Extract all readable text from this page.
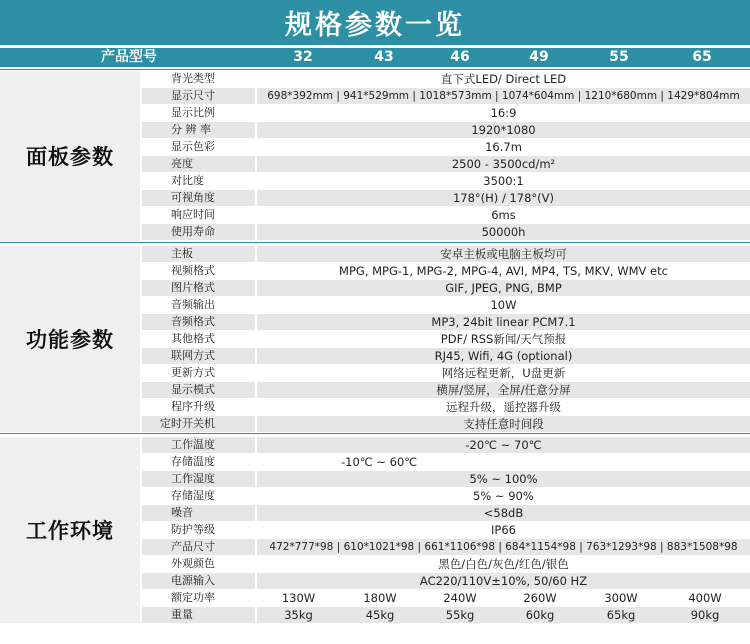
规格参数一览
产品型号	32	43	46	49	55	65
面板参数
背光类型	直下式LED/ Direct LED
显示尺寸	698*392mm | 941*529mm | 1018*573mm | 1074*604mm | 1210*680mm | 1429*804mm
显示比例	16:9
分 辨 率	1920*1080
显示色彩	16.7m
亮度	2500 - 3500cd/m²
对比度	3500:1
可视角度	178°(H) / 178°(V)
响应时间	6ms
使用寿命	50000h
功能参数
主板	安卓主板或电脑主板均可
视频格式	MPG, MPG-1, MPG-2, MPG-4, AVI, MP4, TS, MKV, WMV etc
图片格式	GIF, JPEG, PNG, BMP
音频输出	10W
音频格式	MP3, 24bit linear PCM7.1
其他格式	PDF/ RSS新闻/天气预报
联网方式	RJ45, Wifi, 4G (optional)
更新方式	网络远程更新，U盘更新
显示模式	横屏/竖屏，全屏/任意分屏
程序升级	远程升级，遥控器升级
定时开关机	支持任意时间段
工作环境
工作温度	-20℃ ~ 70℃
存储温度	-10℃ ~ 60℃
工作湿度	5% ~ 100%
存储湿度	5% ~ 90%
噪音	<58dB
防护等级	IP66
产品尺寸	472*777*98 | 610*1021*98 | 661*1106*98 | 684*1154*98 | 763*1293*98 | 883*1508*98
外观颜色	黑色/白色/灰色/红色/银色
电源输入	AC220/110V±10%, 50/60 HZ
额定功率	130W	180W	240W	260W	300W	400W
重量	35kg	45kg	55kg	60kg	65kg	90kg
